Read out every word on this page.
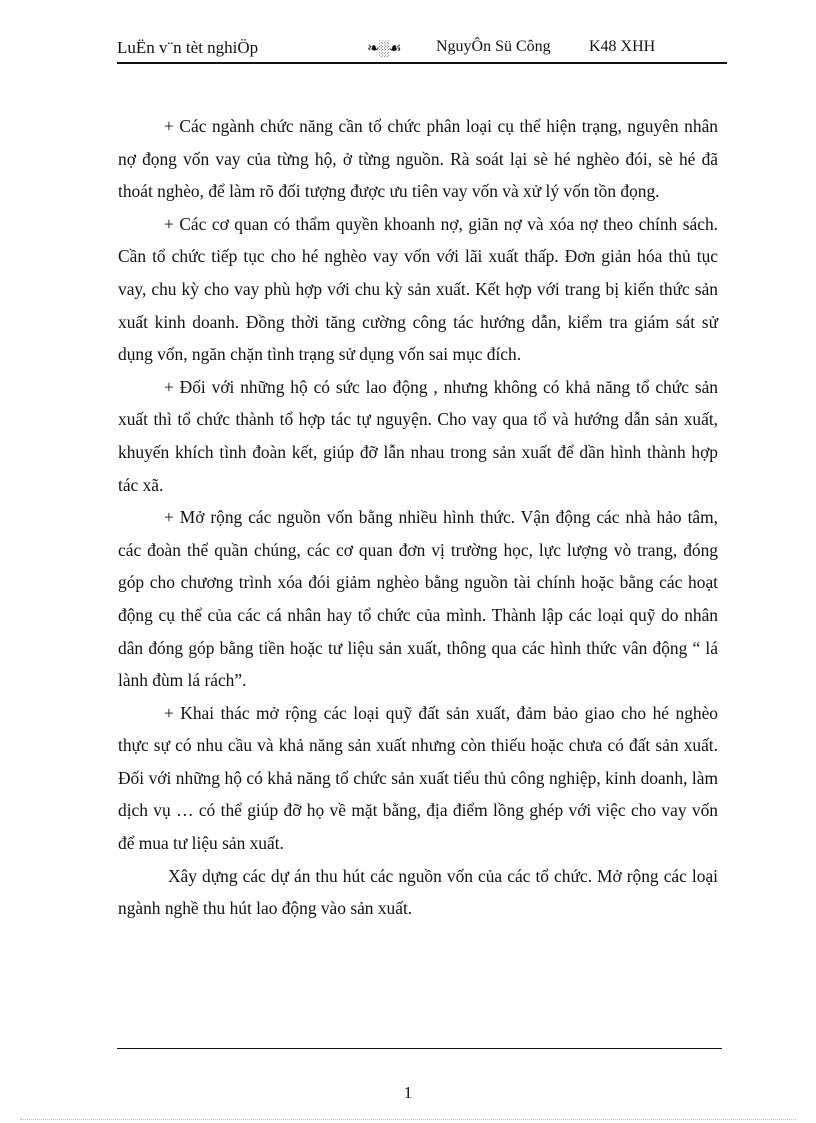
LuËn v¨n tèt nghiÖp	❧░☙ NguyÔn Sü Công K48 XHH

+ Các ngành chức năng cần tổ chức phân loại cụ thể hiện trạng, nguyên nhân nợ đọng vốn vay của từng hộ, ở từng nguồn. Rà soát lại sè hé nghèo đói, sè hé đã thoát nghèo, để làm rõ đối tượng được ưu tiên vay vốn và xử lý vốn tồn đọng.

+ Các cơ quan có thẩm quyền khoanh nợ, giãn nợ và xóa nợ theo chính sách. Cần tổ chức tiếp tục cho hé nghèo vay vốn với lãi xuất thấp. Đơn giản hóa thủ tục vay, chu kỳ cho vay phù hợp với chu kỳ sản xuất. Kết hợp với trang bị kiến thức sản xuất kinh doanh. Đồng thời tăng cường công tác hướng dẫn, kiểm tra giám sát sử dụng vốn, ngăn chặn tình trạng sử dụng vốn sai mục đích.

+ Đối với những hộ có sức lao động , nhưng không có khả năng tổ chức sản xuất thì tổ chức thành tổ hợp tác tự nguyện. Cho vay qua tổ và hướng dẫn sản xuất, khuyến khích tình đoàn kết, giúp đỡ lẫn nhau trong sản xuất để dần hình thành hợp tác xã.

+ Mở rộng các nguồn vốn bằng nhiều hình thức. Vận động các nhà hảo tâm, các đoàn thể quần chúng, các cơ quan đơn vị trường học, lực lượng vò trang, đóng góp cho chương trình xóa đói giảm nghèo bằng nguồn tài chính hoặc bằng các hoạt động cụ thể của các cá nhân hay tổ chức của mình. Thành lập các loại quỹ do nhân dân đóng góp bằng tiền hoặc tư liệu sản xuất, thông qua các hình thức vân động “ lá lành đùm lá rách”.

+ Khai thác mở rộng các loại quỹ đất sản xuất, đảm bảo giao cho hé nghèo thực sự có nhu cầu và khả năng sản xuất nhưng còn thiếu hoặc chưa có đất sản xuất. Đối với những hộ có khả năng tổ chức sản xuất tiểu thủ công nghiệp, kinh doanh, làm dịch vụ … có thể giúp đỡ họ về mặt bằng, địa điểm lồng ghép với việc cho vay vốn để mua tư liệu sản xuất.

Xây dựng các dự án thu hút các nguồn vốn của các tổ chức. Mở rộng các loại ngành nghề thu hút lao động vào sản xuất.

1
